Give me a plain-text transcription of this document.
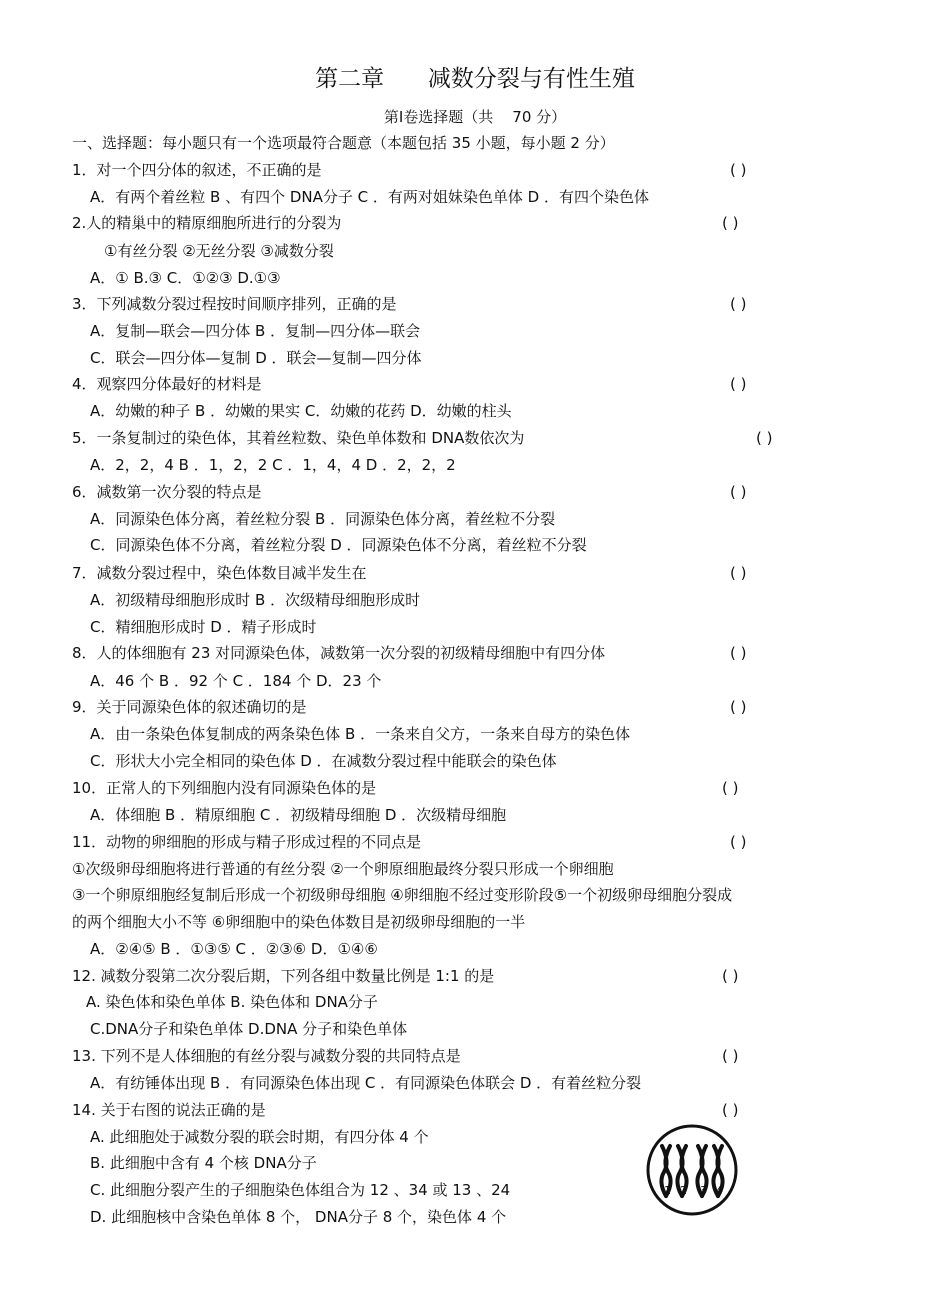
第二章      减数分裂与有性生殖
第Ⅰ卷选择题（共    70 分）
一、选择题：每小题只有一个选项最符合题意（本题包括 35 小题，每小题 2 分）
1．对一个四分体的叙述，不正确的是	( )
A．有两个着丝粒 B 、有四个 DNA分子 C ．有两对姐妹染色单体 D ．有四个染色体
2.人的精巢中的精原细胞所进行的分裂为	( )
①有丝分裂 ②无丝分裂 ③减数分裂
A．① B.③ C．①②③ D.①③
3．下列减数分裂过程按时间顺序排列，正确的是	( )
A．复制—联会—四分体 B ．复制—四分体—联会
C．联会—四分体—复制 D ．联会—复制—四分体
4．观察四分体最好的材料是	( )
A．幼嫩的种子 B ．幼嫩的果实 C．幼嫩的花药 D．幼嫩的柱头
5．一条复制过的染色体，其着丝粒数、染色单体数和 DNA数依次为	( )
A．2，2，4 B ．1，2，2 C ．1，4，4 D ．2，2，2
6．减数第一次分裂的特点是	( )
A．同源染色体分离，着丝粒分裂 B ．同源染色体分离，着丝粒不分裂
C．同源染色体不分离，着丝粒分裂 D ．同源染色体不分离，着丝粒不分裂
7．减数分裂过程中，染色体数目减半发生在	( )
A．初级精母细胞形成时 B ．次级精母细胞形成时
C．精细胞形成时 D ．精子形成时
8．人的体细胞有 23 对同源染色体，减数第一次分裂的初级精母细胞中有四分体	( )
A．46 个 B ．92 个 C ．184 个 D．23 个
9．关于同源染色体的叙述确切的是	( )
A．由一条染色体复制成的两条染色体 B ．一条来自父方，一条来自母方的染色体
C．形状大小完全相同的染色体 D ．在减数分裂过程中能联会的染色体
10．正常人的下列细胞内没有同源染色体的是	( )
A．体细胞 B ．精原细胞 C ．初级精母细胞 D ．次级精母细胞
11．动物的卵细胞的形成与精子形成过程的不同点是	( )
①次级卵母细胞将进行普通的有丝分裂 ②一个卵原细胞最终分裂只形成一个卵细胞
③一个卵原细胞经复制后形成一个初级卵母细胞 ④卵细胞不经过变形阶段⑤一个初级卵母细胞分裂成
的两个细胞大小不等 ⑥卵细胞中的染色体数目是初级卵母细胞的一半
A．②④⑤ B ．①③⑤ C ．②③⑥ D．①④⑥
12. 减数分裂第二次分裂后期，下列各组中数量比例是 1:1 的是	( )
A. 染色体和染色单体 B. 染色体和 DNA分子
C.DNA分子和染色单体 D.DNA 分子和染色单体
13. 下列不是人体细胞的有丝分裂与减数分裂的共同特点是	( )
A．有纺锤体出现 B ．有同源染色体出现 C ．有同源染色体联会 D ．有着丝粒分裂
14. 关于右图的说法正确的是	( )
A. 此细胞处于减数分裂的联会时期，有四分体 4 个
B. 此细胞中含有 4 个核 DNA分子
C. 此细胞分裂产生的子细胞染色体组合为 12 、34 或 13 、24
D. 此细胞核中含染色单体 8 个， DNA分子 8 个，染色体 4 个
1 2 3 4
